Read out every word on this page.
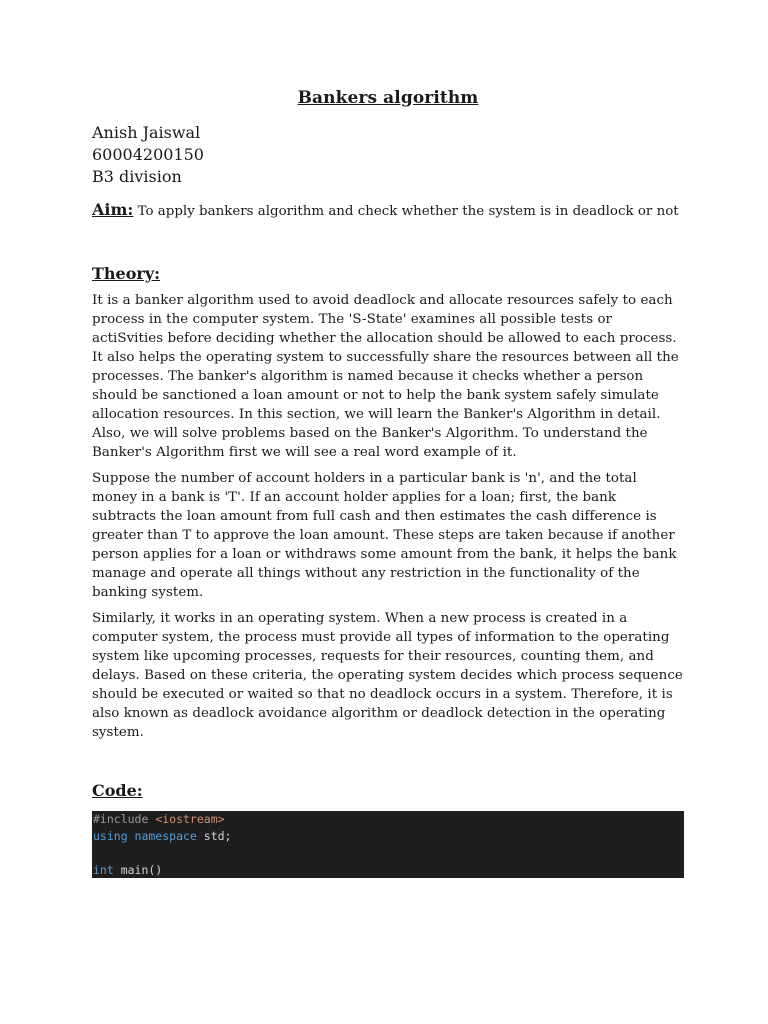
Bankers algorithm
Anish Jaiswal
60004200150
B3 division
Aim: To apply bankers algorithm and check whether the system is in deadlock or not
Theory:

It is a banker algorithm used to avoid deadlock and allocate resources safely to each process in the computer system. The 'S-State' examines all possible tests or actiSvities before deciding whether the allocation should be allowed to each process. It also helps the operating system to successfully share the resources between all the processes. The banker's algorithm is named because it checks whether a person should be sanctioned a loan amount or not to help the bank system safely simulate allocation resources. In this section, we will learn the Banker's Algorithm in detail. Also, we will solve problems based on the Banker's Algorithm. To understand the Banker's Algorithm first we will see a real word example of it.

Suppose the number of account holders in a particular bank is 'n', and the total money in a bank is 'T'. If an account holder applies for a loan; first, the bank subtracts the loan amount from full cash and then estimates the cash difference is greater than T to approve the loan amount. These steps are taken because if another person applies for a loan or withdraws some amount from the bank, it helps the bank manage and operate all things without any restriction in the functionality of the banking system.

Similarly, it works in an operating system. When a new process is created in a computer system, the process must provide all types of information to the operating system like upcoming processes, requests for their resources, counting them, and delays. Based on these criteria, the operating system decides which process sequence should be executed or waited so that no deadlock occurs in a system. Therefore, it is also known as deadlock avoidance algorithm or deadlock detection in the operating system.

Code:
#include <iostream>
using namespace std;
int main()
